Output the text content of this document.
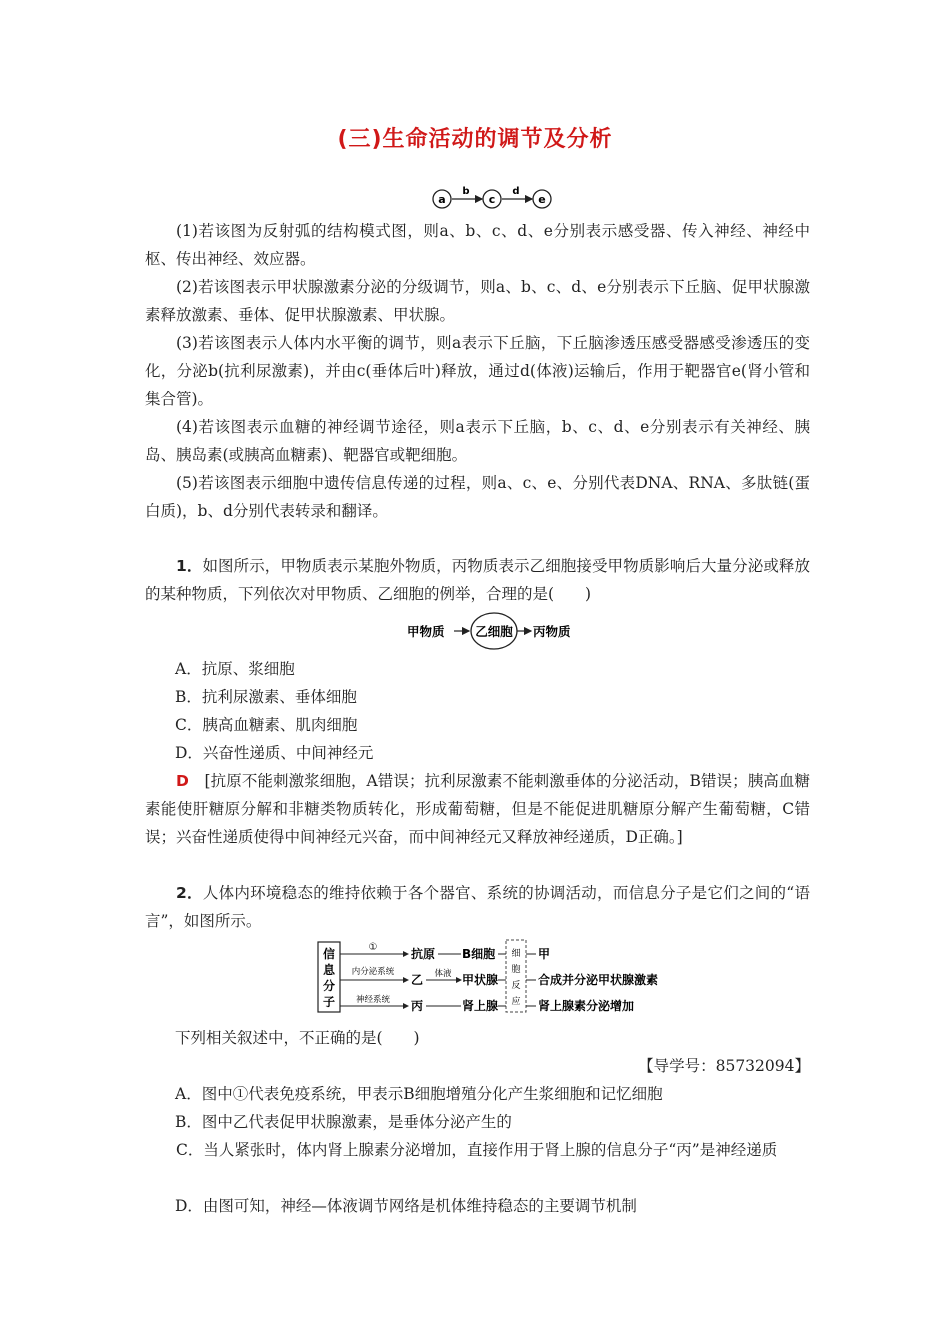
(三)生命活动的调节及分析
a
b
c
d
e

(1)若该图为反射弧的结构模式图，则a、b、c、d、e分别表示感受器、传入神经、神经中枢、传出神经、效应器。

(2)若该图表示甲状腺激素分泌的分级调节，则a、b、c、d、e分别表示下丘脑、促甲状腺激素释放激素、垂体、促甲状腺激素、甲状腺。

(3)若该图表示人体内水平衡的调节，则a表示下丘脑，下丘脑渗透压感受器感受渗透压的变化，分泌b(抗利尿激素)，并由c(垂体后叶)释放，通过d(体液)运输后，作用于靶器官e(肾小管和集合管)。

(4)若该图表示血糖的神经调节途径，则a表示下丘脑，b、c、d、e分别表示有关神经、胰岛、胰岛素(或胰高血糖素)、靶器官或靶细胞。

(5)若该图表示细胞中遗传信息传递的过程，则a、c、e、分别代表DNA、RNA、多肽链(蛋白质)，b、d分别代表转录和翻译。

1．如图所示，甲物质表示某胞外物质，丙物质表示乙细胞接受甲物质影响后大量分泌或释放的某种物质，下列依次对甲物质、乙细胞的例举，合理的是(　　)

甲物质 乙细胞 丙物质

A．抗原、浆细胞

B．抗利尿激素、垂体细胞

C．胰高血糖素、肌肉细胞

D．兴奋性递质、中间神经元

D　 [抗原不能刺激浆细胞，A错误；抗利尿激素不能刺激垂体的分泌活动，B错误；胰高血糖素能使肝糖原分解和非糖类物质转化，形成葡萄糖，但是不能促进肌糖原分解产生葡萄糖，C错误；兴奋性递质使得中间神经元兴奋，而中间神经元又释放神经递质，D正确。]

2．人体内环境稳态的维持依赖于各个器官、系统的协调活动，而信息分子是它们之间的“语言”，如图所示。

信
息
分
子
①	抗原 B细胞	甲
内分泌系统
乙 体液 甲状腺	合成并分泌甲状腺激素
神经系统 丙	肾上腺	肾上腺素分泌增加
细
胞
反
应

下列相关叙述中，不正确的是(　　)

【导学号：85732094】

A．图中①代表免疫系统，甲表示B细胞增殖分化产生浆细胞和记忆细胞

B．图中乙代表促甲状腺激素，是垂体分泌产生的

C．当人紧张时，体内肾上腺素分泌增加，直接作用于肾上腺的信息分子“丙”是神经递质

D．由图可知，神经—体液调节网络是机体维持稳态的主要调节机制
